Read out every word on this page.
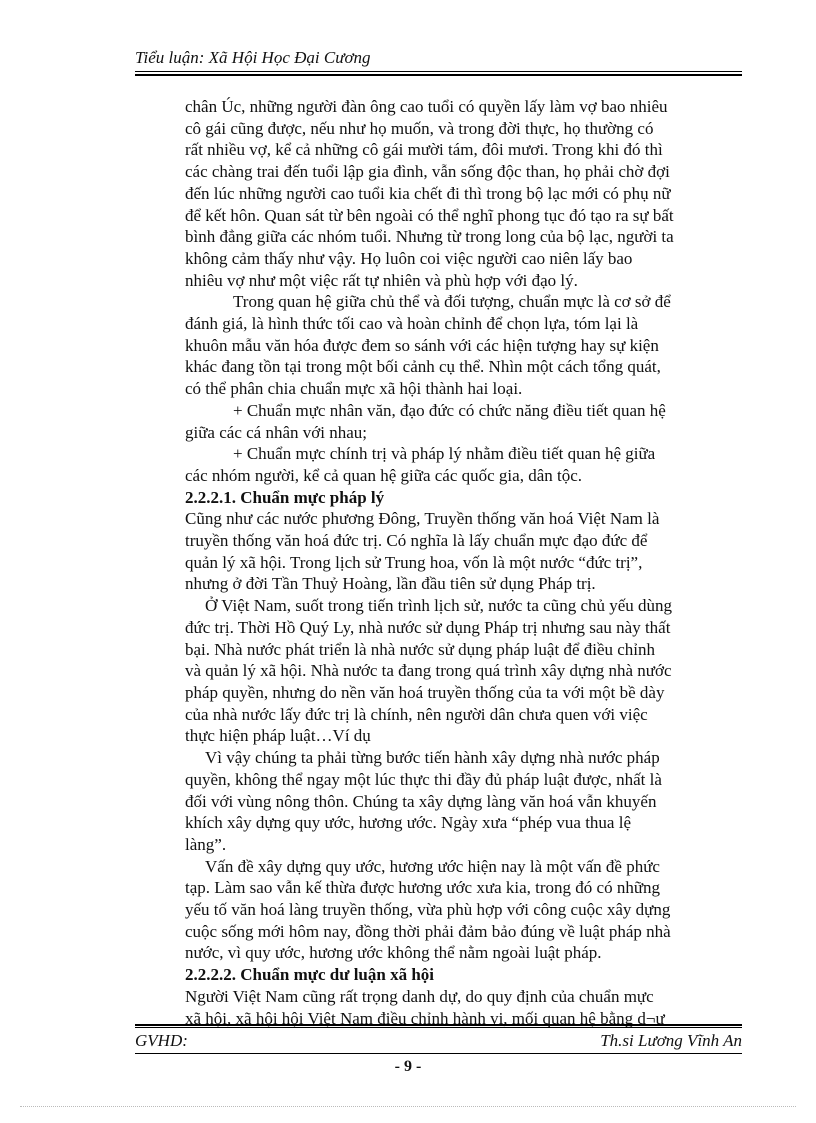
Tiểu luận: Xã Hội Học Đại Cương

chân Úc, những người đàn ông cao tuổi có quyền lấy làm vợ bao nhiêu
cô gái cũng được, nếu như họ muốn, và trong đời thực, họ thường có
rất nhiều vợ, kể cả những cô gái mười tám, đôi mươi. Trong khi đó thì
các chàng trai đến tuổi lập gia đình, vẫn sống độc than, họ phải chờ đợi
đến lúc những người cao tuổi kia chết đi thì trong bộ lạc mới có phụ nữ
để kết hôn. Quan sát từ bên ngoài có thể nghĩ phong tục đó tạo ra sự bất
bình đẳng giữa các nhóm tuổi. Nhưng từ trong long của bộ lạc, người ta
không cảm thấy như vậy. Họ luôn coi việc người cao niên lấy bao
nhiêu vợ như một việc rất tự nhiên và phù hợp với đạo lý.

Trong quan hệ giữa chủ thể và đối tượng, chuẩn mực là cơ sở để
đánh giá, là hình thức tối cao và hoàn chỉnh để chọn lựa, tóm lại là
khuôn mẫu văn hóa được đem so sánh với các hiện tượng hay sự kiện
khác đang tồn tại trong một bối cảnh cụ thể. Nhìn một cách tổng quát,
có thể phân chia chuẩn mực xã hội thành hai loại.

+ Chuẩn mực nhân văn, đạo đức có chức năng điều tiết quan hệ
giữa các cá nhân với nhau;

+ Chuẩn mực chính trị và pháp lý nhằm điều tiết quan hệ giữa
các nhóm người, kể cả quan hệ giữa các quốc gia, dân tộc.

2.2.2.1. Chuẩn mực pháp lý

Cũng như các nước phương Đông, Truyền thống văn hoá Việt Nam là
truyền thống văn hoá đức trị. Có nghĩa là lấy chuẩn mực đạo đức để
quản lý xã hội. Trong lịch sử Trung hoa, vốn là một nước “đức trị”,
nhưng ở đời Tần Thuỷ Hoàng, lần đầu tiên sử dụng Pháp trị.

Ở Việt Nam, suốt trong tiến trình lịch sử, nước ta cũng chủ yếu dùng
đức trị. Thời Hồ Quý Ly, nhà nước sử dụng Pháp trị nhưng sau này thất
bại. Nhà nước phát triển là nhà nước sử dụng pháp luật để điều chỉnh
và quản lý xã hội. Nhà nước ta đang trong quá trình xây dựng nhà nước
pháp quyền, nhưng do nền văn hoá truyền thống của ta với một bề dày
của nhà nước lấy đức trị là chính, nên người dân chưa quen với việc
thực hiện pháp luật…Ví dụ

Vì vậy chúng ta phải từng bước tiến hành xây dựng nhà nước pháp
quyền, không thể ngay một lúc thực thi đầy đủ pháp luật được, nhất là
đối với vùng nông thôn. Chúng ta xây dựng làng văn hoá vẫn khuyến
khích xây dựng quy ước, hương ước. Ngày xưa “phép vua thua lệ
làng”.

Vấn đề xây dựng quy ước, hương ước hiện nay là một vấn đề phức
tạp. Làm sao vẫn kế thừa được hương ước xưa kia, trong đó có những
yếu tố văn hoá làng truyền thống, vừa phù hợp với công cuộc xây dựng
cuộc sống mới hôm nay, đồng thời phải đảm bảo đúng về luật pháp nhà
nước, vì quy ước, hương ước không thể nằm ngoài luật pháp.

2.2.2.2. Chuẩn mực dư luận xã hội

Người Việt Nam cũng rất trọng danh dự, do quy định của chuẩn mực
xã hội, xã hội hội Việt Nam điều chỉnh hành vi, mối quan hệ bằng d¬ư

GVHD:	Th.si Lương Vĩnh An
- 9 -
